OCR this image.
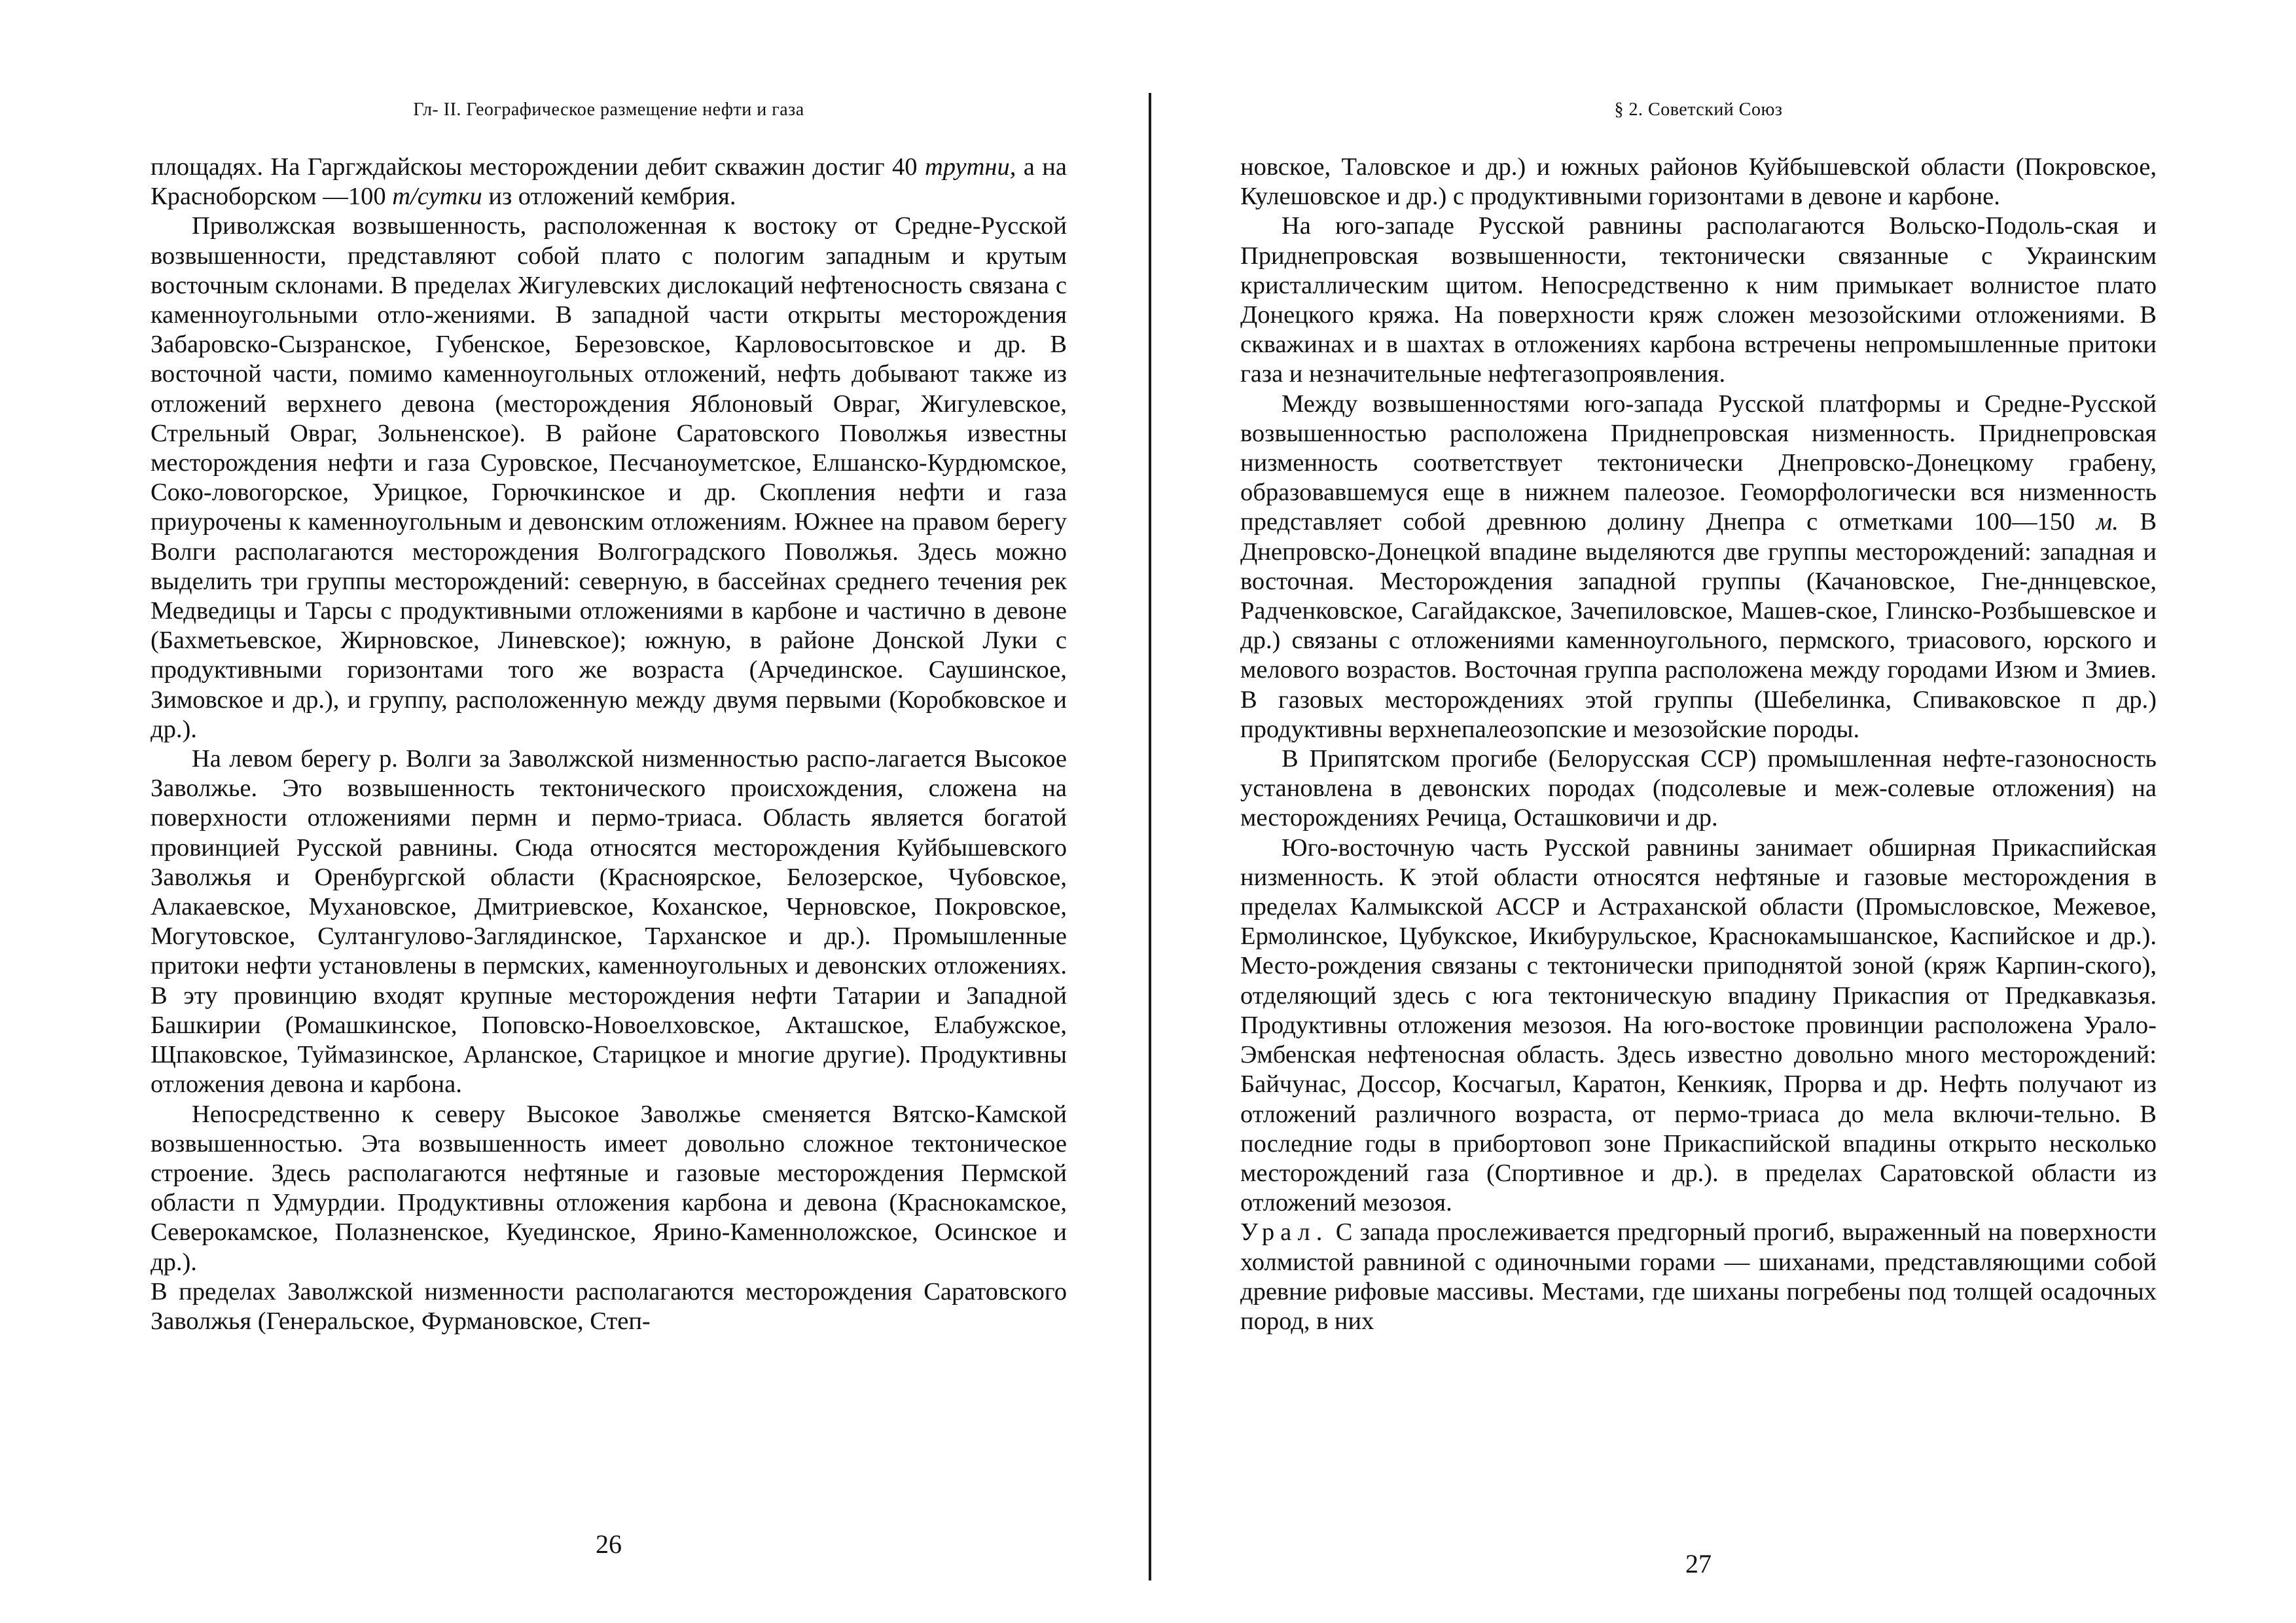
Гл- II. Географическое размещение нефти и газа

площадях. На Гаргждайскоы месторождении дебит скважин достиг 40 трутни, а на Красноборском —100 т/сутки из отложений кембрия.

Приволжская возвышенность, расположенная к востоку от Средне-Русской возвышенности, представляют собой плато с пологим западным и крутым восточным склонами. В пределах Жигулевских дислокаций нефтеносность связана с каменноугольными отло-жениями. В западной части открыты месторождения Забаровско-Сызранское, Губенское, Березовское, Карловосытовское и др. В восточной части, помимо каменноугольных отложений, нефть добывают также из отложений верхнего девона (месторождения Яблоновый Овраг, Жигулевское, Стрельный Овраг, Зольненское). В районе Саратовского Поволжья известны месторождения нефти и газа Суровское, Песчаноуметское, Елшанско-Курдюмское, Соко-ловогорское, Урицкое, Горючкинское и др. Скопления нефти и газа приурочены к каменноугольным и девонским отложениям. Южнее на правом берегу Волги располагаются месторождения Волгоградского Поволжья. Здесь можно выделить три группы месторождений: северную, в бассейнах среднего течения рек Медведицы и Тарсы с продуктивными отложениями в карбоне и частично в девоне (Бахметьевское, Жирновское, Линевское); южную, в районе Донской Луки с продуктивными горизонтами того же возраста (Арчединское. Саушинское, Зимовское и др.), и группу, расположенную между двумя первыми (Коробковское и др.).

На левом берегу р. Волги за Заволжской низменностью распо-лагается Высокое Заволжье. Это возвышенность тектонического происхождения, сложена на поверхности отложениями пермн и пермо-триаса. Область является богатой провинцией Русской равнины. Сюда относятся месторождения Куйбышевского Заволжья и Оренбургской области (Красноярское, Белозерское, Чубовское, Алакаевское, Мухановское, Дмитриевское, Коханское, Черновское, Покровское, Могутовское, Султангулово-Заглядинское, Тарханское и др.). Промышленные притоки нефти установлены в пермских, каменноугольных и девонских отложениях. В эту провинцию входят крупные месторождения нефти Татарии и Западной Башкирии (Ромашкинское, Поповско-Новоелховское, Акташское, Елабужское, Щпаковское, Туймазинское, Арланское, Старицкое и многие другие). Продуктивны отложения девона и карбона.

Непосредственно к северу Высокое Заволжье сменяется Вятско-Камской возвышенностью. Эта возвышенность имеет довольно сложное тектоническое строение. Здесь располагаются нефтяные и газовые месторождения Пермской области п Удмурдии. Продуктивны отложения карбона и девона (Краснокамское, Северокамское, Полазненское, Куединское, Ярино-Каменноложское, Осинское и др.).

В пределах Заволжской низменности располагаются месторождения Саратовского Заволжья (Генеральское, Фурмановское, Степ-

26
§ 2. Советский Союз

новское, Таловское и др.) и южных районов Куйбышевской области (Покровское, Кулешовское и др.) с продуктивными горизонтами в девоне и карбоне.

На юго-западе Русской равнины располагаются Вольско-Подоль-ская и Приднепровская возвышенности, тектонически связанные с Украинским кристаллическим щитом. Непосредственно к ним примыкает волнистое плато Донецкого кряжа. На поверхности кряж сложен мезозойскими отложениями. В скважинах и в шахтах в отложениях карбона встречены непромышленные притоки газа и незначительные нефтегазопроявления.

Между возвышенностями юго-запада Русской платформы и Средне-Русской возвышенностью расположена Приднепровская низменность. Приднепровская низменность соответствует тектонически Днепровско-Донецкому грабену, образовавшемуся еще в нижнем палеозое. Геоморфологически вся низменность представляет собой древнюю долину Днепра с отметками 100—150 м. В Днепровско-Донецкой впадине выделяются две группы месторождений: западная и восточная. Месторождения западной группы (Качановское, Гне-дннцевское, Радченковское, Сагайдакское, Зачепиловское, Машев-ское, Глинско-Розбышевское и др.) связаны с отложениями каменноугольного, пермского, триасового, юрского и мелового возрастов. Восточная группа расположена между городами Изюм и Змиев. В газовых месторождениях этой группы (Шебелинка, Спиваковское п др.) продуктивны верхнепалеозопские и мезозойские породы.

В Припятском прогибе (Белорусская ССР) промышленная нефте-газоносность установлена в девонских породах (подсолевые и меж-солевые отложения) на месторождениях Речица, Осташковичи и др.

Юго-восточную часть Русской равнины занимает обширная Прикаспийская низменность. К этой области относятся нефтяные и газовые месторождения в пределах Калмыкской АССР и Астраханской области (Промысловское, Межевое, Ермолинское, Цубукское, Икибурульское, Краснокамышанское, Каспийское и др.). Место-рождения связаны с тектонически приподнятой зоной (кряж Карпин-ского), отделяющий здесь с юга тектоническую впадину Прикаспия от Предкавказья. Продуктивны отложения мезозоя. На юго-востоке провинции расположена Урало-Эмбенская нефтеносная область. Здесь известно довольно много месторождений: Байчунас, Доссор, Косчагыл, Каратон, Кенкияк, Прорва и др. Нефть получают из отложений различного возраста, от пермо-триаса до мела включи-тельно. В последние годы в прибортовоп зоне Прикаспийской впадины открыто несколько месторождений газа (Спортивное и др.). в пределах Саратовской области из отложений мезозоя.

Урал. С запада прослеживается предгорный прогиб, выраженный на поверхности холмистой равниной с одиночными горами — шиханами, представляющими собой древние рифовые массивы. Местами, где шиханы погребены под толщей осадочных пород, в них

27
